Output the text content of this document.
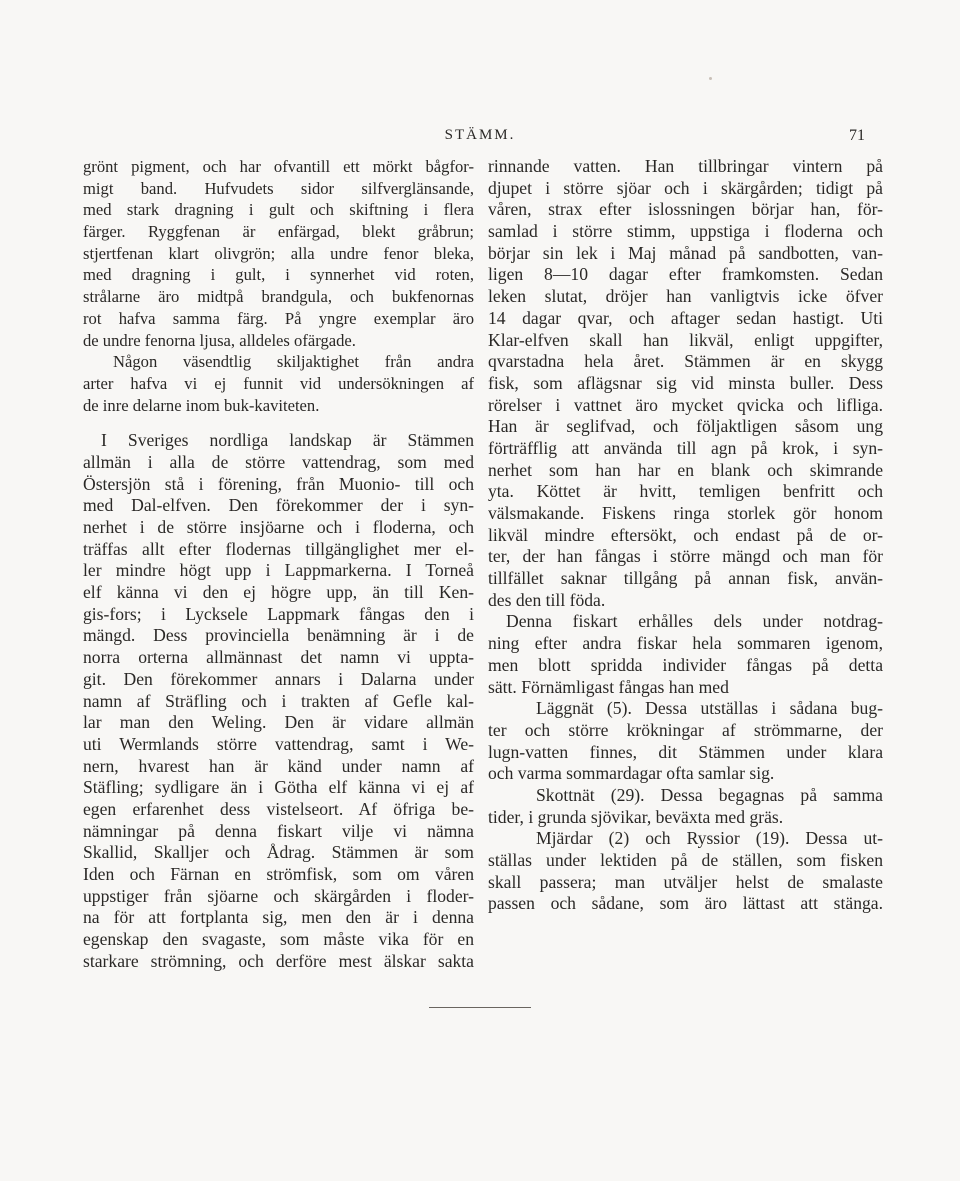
STÄMM.	71
grönt pigment, och har ofvantill ett mörkt bågfor-
migt band. Hufvudets sidor silfverglänsande,
med stark dragning i gult och skiftning i flera
färger. Ryggfenan är enfärgad, blekt gråbrun;
stjertfenan klart olivgrön; alla undre fenor bleka,
med dragning i gult, i synnerhet vid roten,
strålarne äro midtpå brandgula, och bukfenornas
rot hafva samma färg. På yngre exemplar äro
de undre fenorna ljusa, alldeles ofärgade.
Någon väsendtlig skiljaktighet från andra
arter hafva vi ej funnit vid undersökningen af
de inre delarne inom buk-kaviteten.
I Sveriges nordliga landskap är Stämmen
allmän i alla de större vattendrag, som med
Östersjön stå i förening, från Muonio- till och
med Dal-elfven. Den förekommer der i syn-
nerhet i de större insjöarne och i floderna, och
träffas allt efter flodernas tillgänglighet mer el-
ler mindre högt upp i Lappmarkerna. I Torneå
elf känna vi den ej högre upp, än till Ken-
gis-fors; i Lycksele Lappmark fångas den i
mängd. Dess provinciella benämning är i de
norra orterna allmännast det namn vi uppta-
git. Den förekommer annars i Dalarna under
namn af Sträfling och i trakten af Gefle kal-
lar man den Weling. Den är vidare allmän
uti Wermlands större vattendrag, samt i We-
nern, hvarest han är känd under namn af
Stäfling; sydligare än i Götha elf känna vi ej af
egen erfarenhet dess vistelseort. Af öfriga be-
nämningar på denna fiskart vilje vi nämna
Skallid, Skalljer och Ådrag. Stämmen är som
Iden och Färnan en strömfisk, som om våren
uppstiger från sjöarne och skärgården i floder-
na för att fortplanta sig, men den är i denna
egenskap den svagaste, som måste vika för en
starkare strömning, och derföre mest älskar sakta
rinnande vatten. Han tillbringar vintern på
djupet i större sjöar och i skärgården; tidigt på
våren, strax efter islossningen börjar han, för-
samlad i större stimm, uppstiga i floderna och
börjar sin lek i Maj månad på sandbotten, van-
ligen 8—10 dagar efter framkomsten. Sedan
leken slutat, dröjer han vanligtvis icke öfver
14 dagar qvar, och aftager sedan hastigt. Uti
Klar-elfven skall han likväl, enligt uppgifter,
qvarstadna hela året. Stämmen är en skygg
fisk, som aflägsnar sig vid minsta buller. Dess
rörelser i vattnet äro mycket qvicka och lifliga.
Han är seglifvad, och följaktligen såsom ung
förträfflig att använda till agn på krok, i syn-
nerhet som han har en blank och skimrande
yta. Köttet är hvitt, temligen benfritt och
välsmakande. Fiskens ringa storlek gör honom
likväl mindre eftersökt, och endast på de or-
ter, der han fångas i större mängd och man för
tillfället saknar tillgång på annan fisk, använ-
des den till föda.
Denna fiskart erhålles dels under notdrag-
ning efter andra fiskar hela sommaren igenom,
men blott spridda individer fångas på detta
sätt. Förnämligast fångas han med
Läggnät (5). Dessa utställas i sådana bug-
ter och större krökningar af strömmarne, der
lugn-vatten finnes, dit Stämmen under klara
och varma sommardagar ofta samlar sig.
Skottnät (29). Dessa begagnas på samma
tider, i grunda sjövikar, beväxta med gräs.
Mjärdar (2) och Ryssior (19). Dessa ut-
ställas under lektiden på de ställen, som fisken
skall passera; man utväljer helst de smalaste
passen och sådane, som äro lättast att stänga.
